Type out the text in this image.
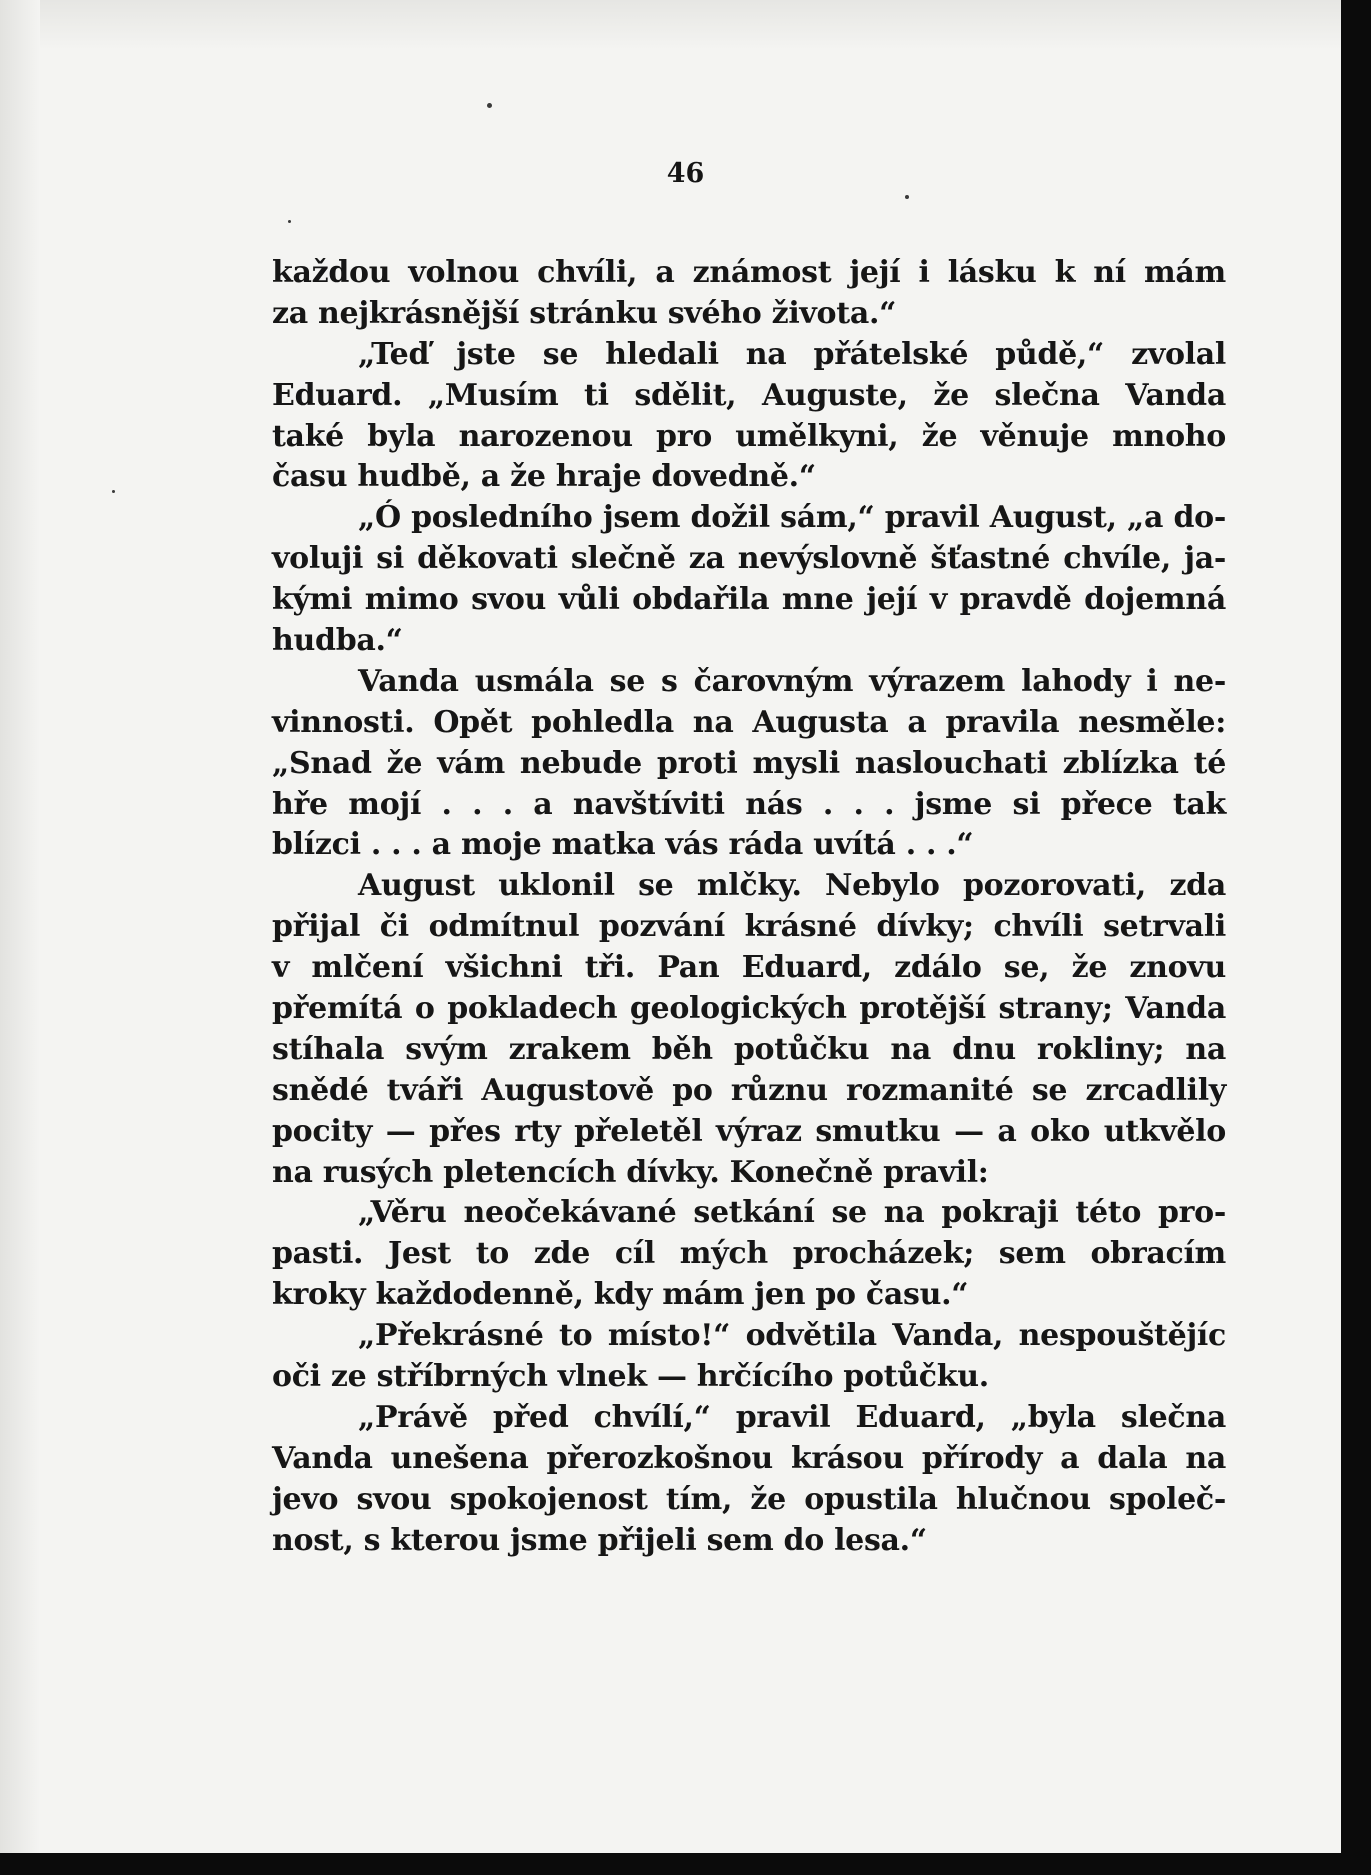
46
každou volnou chvíli, a známost její i lásku k ní mám
za nejkrásnější stránku svého života.“
„Teď jste se hledali na přátelské půdě,“ zvolal
Eduard. „Musím ti sdělit, Auguste, že slečna Vanda
také byla narozenou pro umělkyni, že věnuje mnoho
času hudbě, a že hraje dovedně.“
„Ó posledního jsem dožil sám,“ pravil August, „a do-
voluji si děkovati slečně za nevýslovně šťastné chvíle, ja-
kými mimo svou vůli obdařila mne její v pravdě dojemná
hudba.“
Vanda usmála se s čarovným výrazem lahody i ne-
vinnosti. Opět pohledla na Augusta a pravila nesměle:
„Snad že vám nebude proti mysli naslouchati zblízka té
hře mojí . . . a navštíviti nás . . . jsme si přece tak
blízci . . . a moje matka vás ráda uvítá . . .“
August uklonil se mlčky. Nebylo pozorovati, zda
přijal či odmítnul pozvání krásné dívky; chvíli setrvali
v mlčení všichni tři. Pan Eduard, zdálo se, že znovu
přemítá o pokladech geologických protější strany; Vanda
stíhala svým zrakem běh potůčku na dnu rokliny; na
snědé tváři Augustově po různu rozmanité se zrcadlily
pocity — přes rty přeletěl výraz smutku — a oko utkvělo
na rusých pletencích dívky. Konečně pravil:
„Věru neočekávané setkání se na pokraji této pro-
pasti. Jest to zde cíl mých procházek; sem obracím
kroky každodenně, kdy mám jen po času.“
„Překrásné to místo!“ odvětila Vanda, nespouštějíc
oči ze stříbrných vlnek — hrčícího potůčku.
„Právě před chvílí,“ pravil Eduard, „byla slečna
Vanda unešena přerozkošnou krásou přírody a dala na
jevo svou spokojenost tím, že opustila hlučnou společ-
nost, s kterou jsme přijeli sem do lesa.“
